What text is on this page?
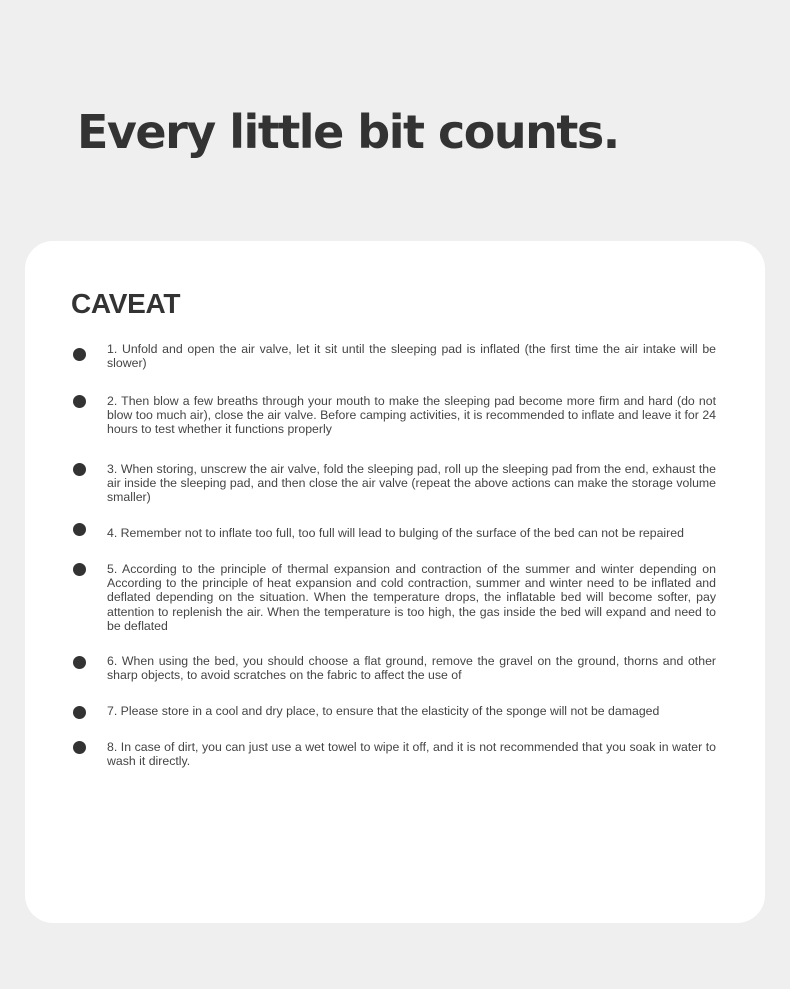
Every little bit counts.
CAVEAT
1. Unfold and open the air valve, let it sit until the sleeping pad is inflated (the first time the air intake will be slower)
2. Then blow a few breaths through your mouth to make the sleeping pad become more firm and hard (do not blow too much air), close the air valve. Before camping activities, it is recommended to inflate and leave it for 24 hours to test whether it functions properly
3. When storing, unscrew the air valve, fold the sleeping pad, roll up the sleeping pad from the end, exhaust the air inside the sleeping pad, and then close the air valve (repeat the above actions can make the storage volume smaller)
4. Remember not to inflate too full, too full will lead to bulging of the surface of the bed can not be repaired
5. According to the principle of thermal expansion and contraction of the summer and winter depending on According to the principle of heat expansion and cold contraction, summer and winter need to be inflated and deflated depending on the situation. When the temperature drops, the inflatable bed will become softer, pay attention to replenish the air. When the temperature is too high, the gas inside the bed will expand and need to be deflated
6. When using the bed, you should choose a flat ground, remove the gravel on the ground, thorns and other sharp objects, to avoid scratches on the fabric to affect the use of
7. Please store in a cool and dry place, to ensure that the elasticity of the sponge will not be damaged
8. In case of dirt, you can just use a wet towel to wipe it off, and it is not recommended that you soak in water to wash it directly.
